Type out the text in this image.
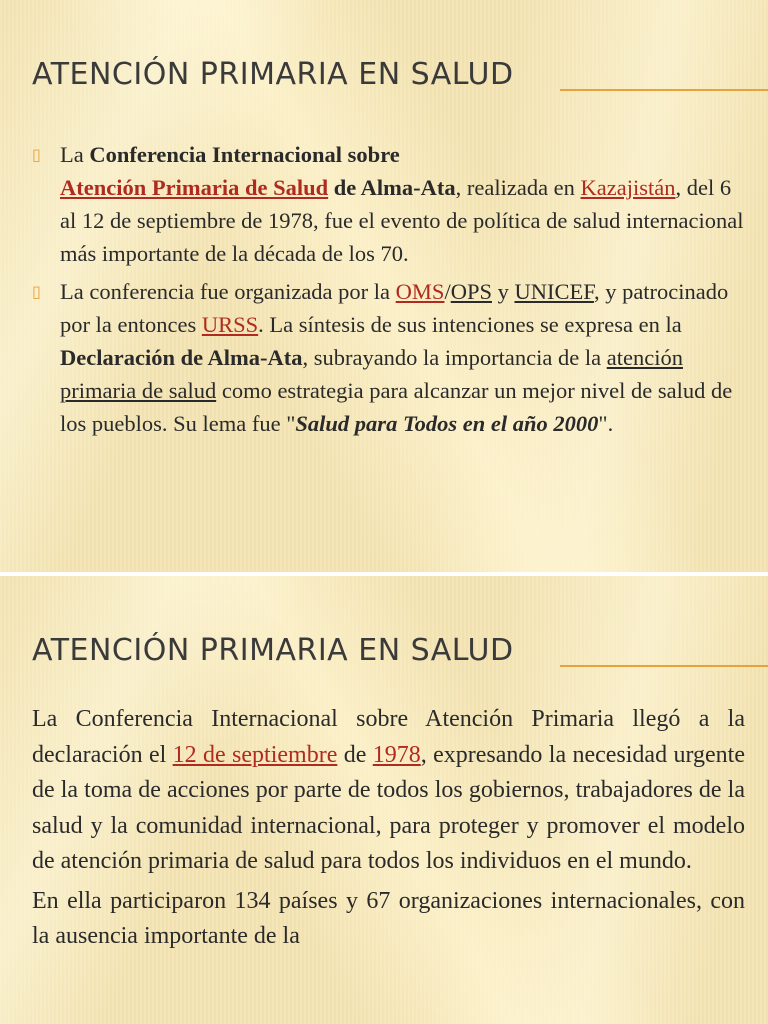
ATENCIÓN PRIMARIA EN SALUD
▯ La Conferencia Internacional sobre
Atención Primaria de Salud de Alma-Ata, realizada en Kazajistán, del 6 al 12 de septiembre de 1978, fue el evento de política de salud internacional más importante de la década de los 70.
▯ La conferencia fue organizada por la OMS/OPS y UNICEF, y patrocinado por la entonces URSS. La síntesis de sus intenciones se expresa en la Declaración de Alma-Ata, subrayando la importancia de la atención primaria de salud como estrategia para alcanzar un mejor nivel de salud de los pueblos. Su lema fue "Salud para Todos en el año 2000".
ATENCIÓN PRIMARIA EN SALUD

La Conferencia Internacional sobre Atención Primaria llegó a la declaración el 12 de septiembre de 1978, expresando la necesidad urgente de la toma de acciones por parte de todos los gobiernos, trabajadores de la salud y la comunidad internacional, para proteger y promover el modelo de atención primaria de salud para todos los individuos en el mundo.

En ella participaron 134 países y 67 organizaciones internacionales, con la ausencia importante de la
